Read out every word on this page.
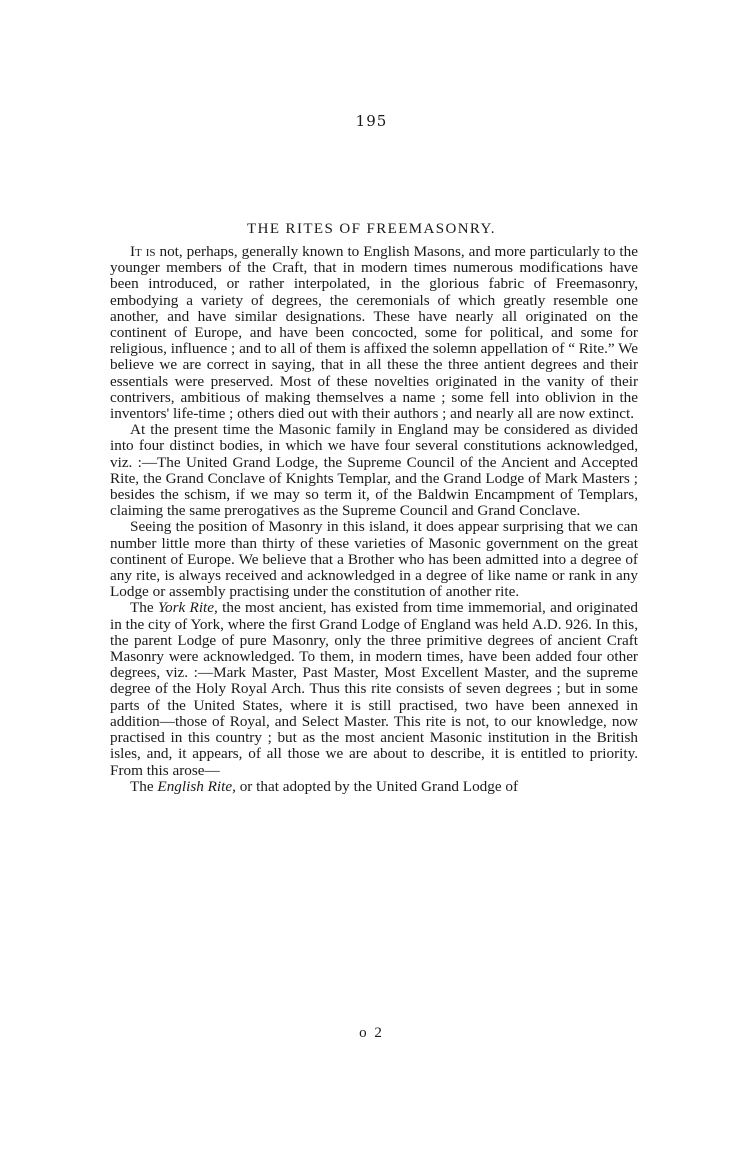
195
THE RITES OF FREEMASONRY.

It is not, perhaps, generally known to English Masons, and more particularly to the younger members of the Craft, that in modern times numerous modifications have been introduced, or rather interpolated, in the glorious fabric of Freemasonry, embodying a variety of degrees, the ceremonials of which greatly resemble one another, and have similar designations. These have nearly all originated on the continent of Europe, and have been concocted, some for political, and some for religious, influence ; and to all of them is affixed the solemn appellation of “ Rite.” We believe we are correct in saying, that in all these the three antient degrees and their essentials were preserved. Most of these novelties originated in the vanity of their contrivers, ambitious of making themselves a name ; some fell into oblivion in the inventors' life-time ; others died out with their authors ; and nearly all are now extinct.

At the present time the Masonic family in England may be considered as divided into four distinct bodies, in which we have four several constitutions acknowledged, viz. :—The United Grand Lodge, the Supreme Council of the Ancient and Accepted Rite, the Grand Conclave of Knights Templar, and the Grand Lodge of Mark Masters ; besides the schism, if we may so term it, of the Baldwin Encampment of Templars, claiming the same prerogatives as the Supreme Council and Grand Conclave.

Seeing the position of Masonry in this island, it does appear surprising that we can number little more than thirty of these varieties of Masonic government on the great continent of Europe. We believe that a Brother who has been admitted into a degree of any rite, is always received and acknowledged in a degree of like name or rank in any Lodge or assembly practising under the constitution of another rite.

The York Rite, the most ancient, has existed from time immemorial, and originated in the city of York, where the first Grand Lodge of England was held A.D. 926. In this, the parent Lodge of pure Masonry, only the three primitive degrees of ancient Craft Masonry were acknowledged. To them, in modern times, have been added four other degrees, viz. :—Mark Master, Past Master, Most Excellent Master, and the supreme degree of the Holy Royal Arch. Thus this rite consists of seven degrees ; but in some parts of the United States, where it is still practised, two have been annexed in addition—those of Royal, and Select Master. This rite is not, to our knowledge, now practised in this country ; but as the most ancient Masonic institution in the British isles, and, it appears, of all those we are about to describe, it is entitled to priority. From this arose—

The English Rite, or that adopted by the United Grand Lodge of

o 2
